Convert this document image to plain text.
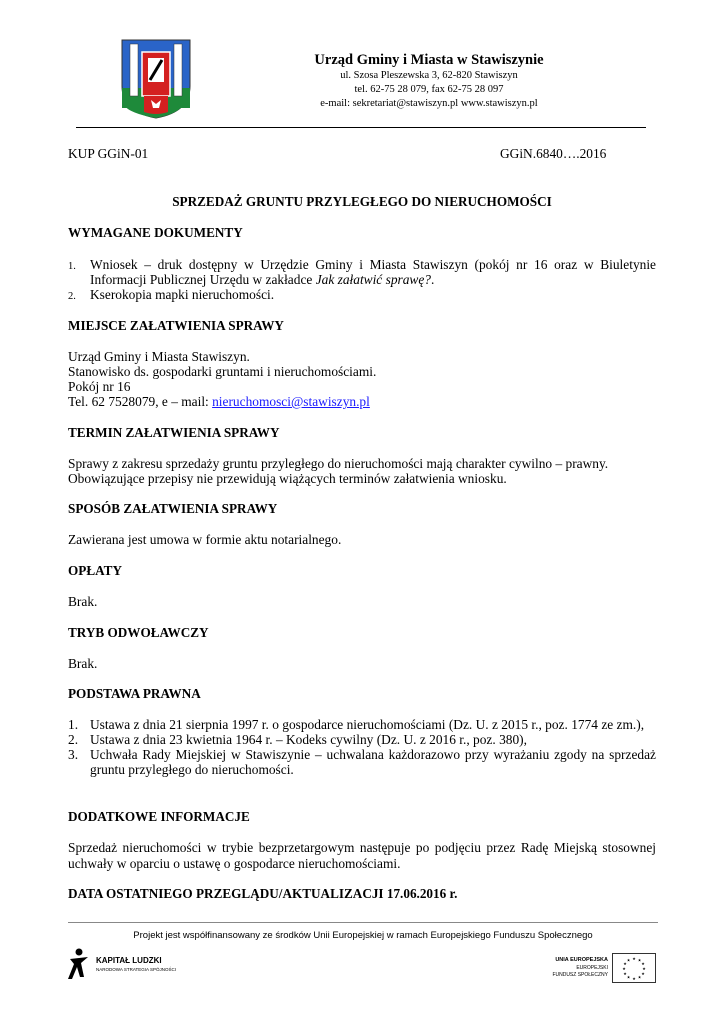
Urząd Gminy i Miasta w Stawiszynie
ul. Szosa Pleszewska 3, 62-820 Stawiszyn
tel. 62-75 28 079, fax 62-75 28 097
e-mail: sekretariat@stawiszyn.pl www.stawiszyn.pl
KUP GGiN-01	GGiN.6840….2016
SPRZEDAŻ GRUNTU PRZYLEGŁEGO DO NIERUCHOMOŚCI
WYMAGANE DOKUMENTY
1. Wniosek – druk dostępny w Urzędzie Gminy i Miasta Stawiszyn (pokój nr 16 oraz w Biuletynie Informacji Publicznej Urzędu w zakładce Jak załatwić sprawę?.
2. Kserokopia mapki nieruchomości.
MIEJSCE ZAŁATWIENIA SPRAWY

Urząd Gminy i Miasta Stawiszyn.

Stanowisko ds. gospodarki gruntami i nieruchomościami.

Pokój nr 16

Tel. 62 7528079, e – mail: nieruchomosci@stawiszyn.pl

TERMIN ZAŁATWIENIA SPRAWY

Sprawy z zakresu sprzedaży gruntu przyległego do nieruchomości mają charakter cywilno – prawny.

Obowiązujące przepisy nie przewidują wiążących terminów załatwienia wniosku.

SPOSÓB ZAŁATWIENIA SPRAWY
Zawierana jest umowa w formie aktu notarialnego.
OPŁATY
Brak.
TRYB ODWOŁAWCZY
Brak.
PODSTAWA PRAWNA
1. Ustawa z dnia 21 sierpnia 1997 r. o gospodarce nieruchomościami (Dz. U. z 2015 r., poz. 1774 ze zm.),
2. Ustawa z dnia 23 kwietnia 1964 r. – Kodeks cywilny (Dz. U. z 2016 r., poz. 380),
3. Uchwała Rady Miejskiej w Stawiszynie – uchwalana każdorazowo przy wyrażaniu zgody na sprzedaż gruntu przyległego do nieruchomości.
DODATKOWE INFORMACJE
Sprzedaż nieruchomości w trybie bezprzetargowym następuje po podjęciu przez Radę Miejską stosownej uchwały w oparciu o ustawę o gospodarce nieruchomościami.
DATA OSTATNIEGO PRZEGLĄDU/AKTUALIZACJI 17.06.2016 r.
Projekt jest współfinansowany ze środków Unii Europejskiej w ramach Europejskiego Funduszu Społecznego
KAPITAŁ LUDZKI
NARODOWA STRATEGIA SPÓJNOŚCI
UNIA EUROPEJSKA
EUROPEJSKI
FUNDUSZ SPOŁECZNY
★ ★
★
★
★
★
★
★
★
★
★
★
